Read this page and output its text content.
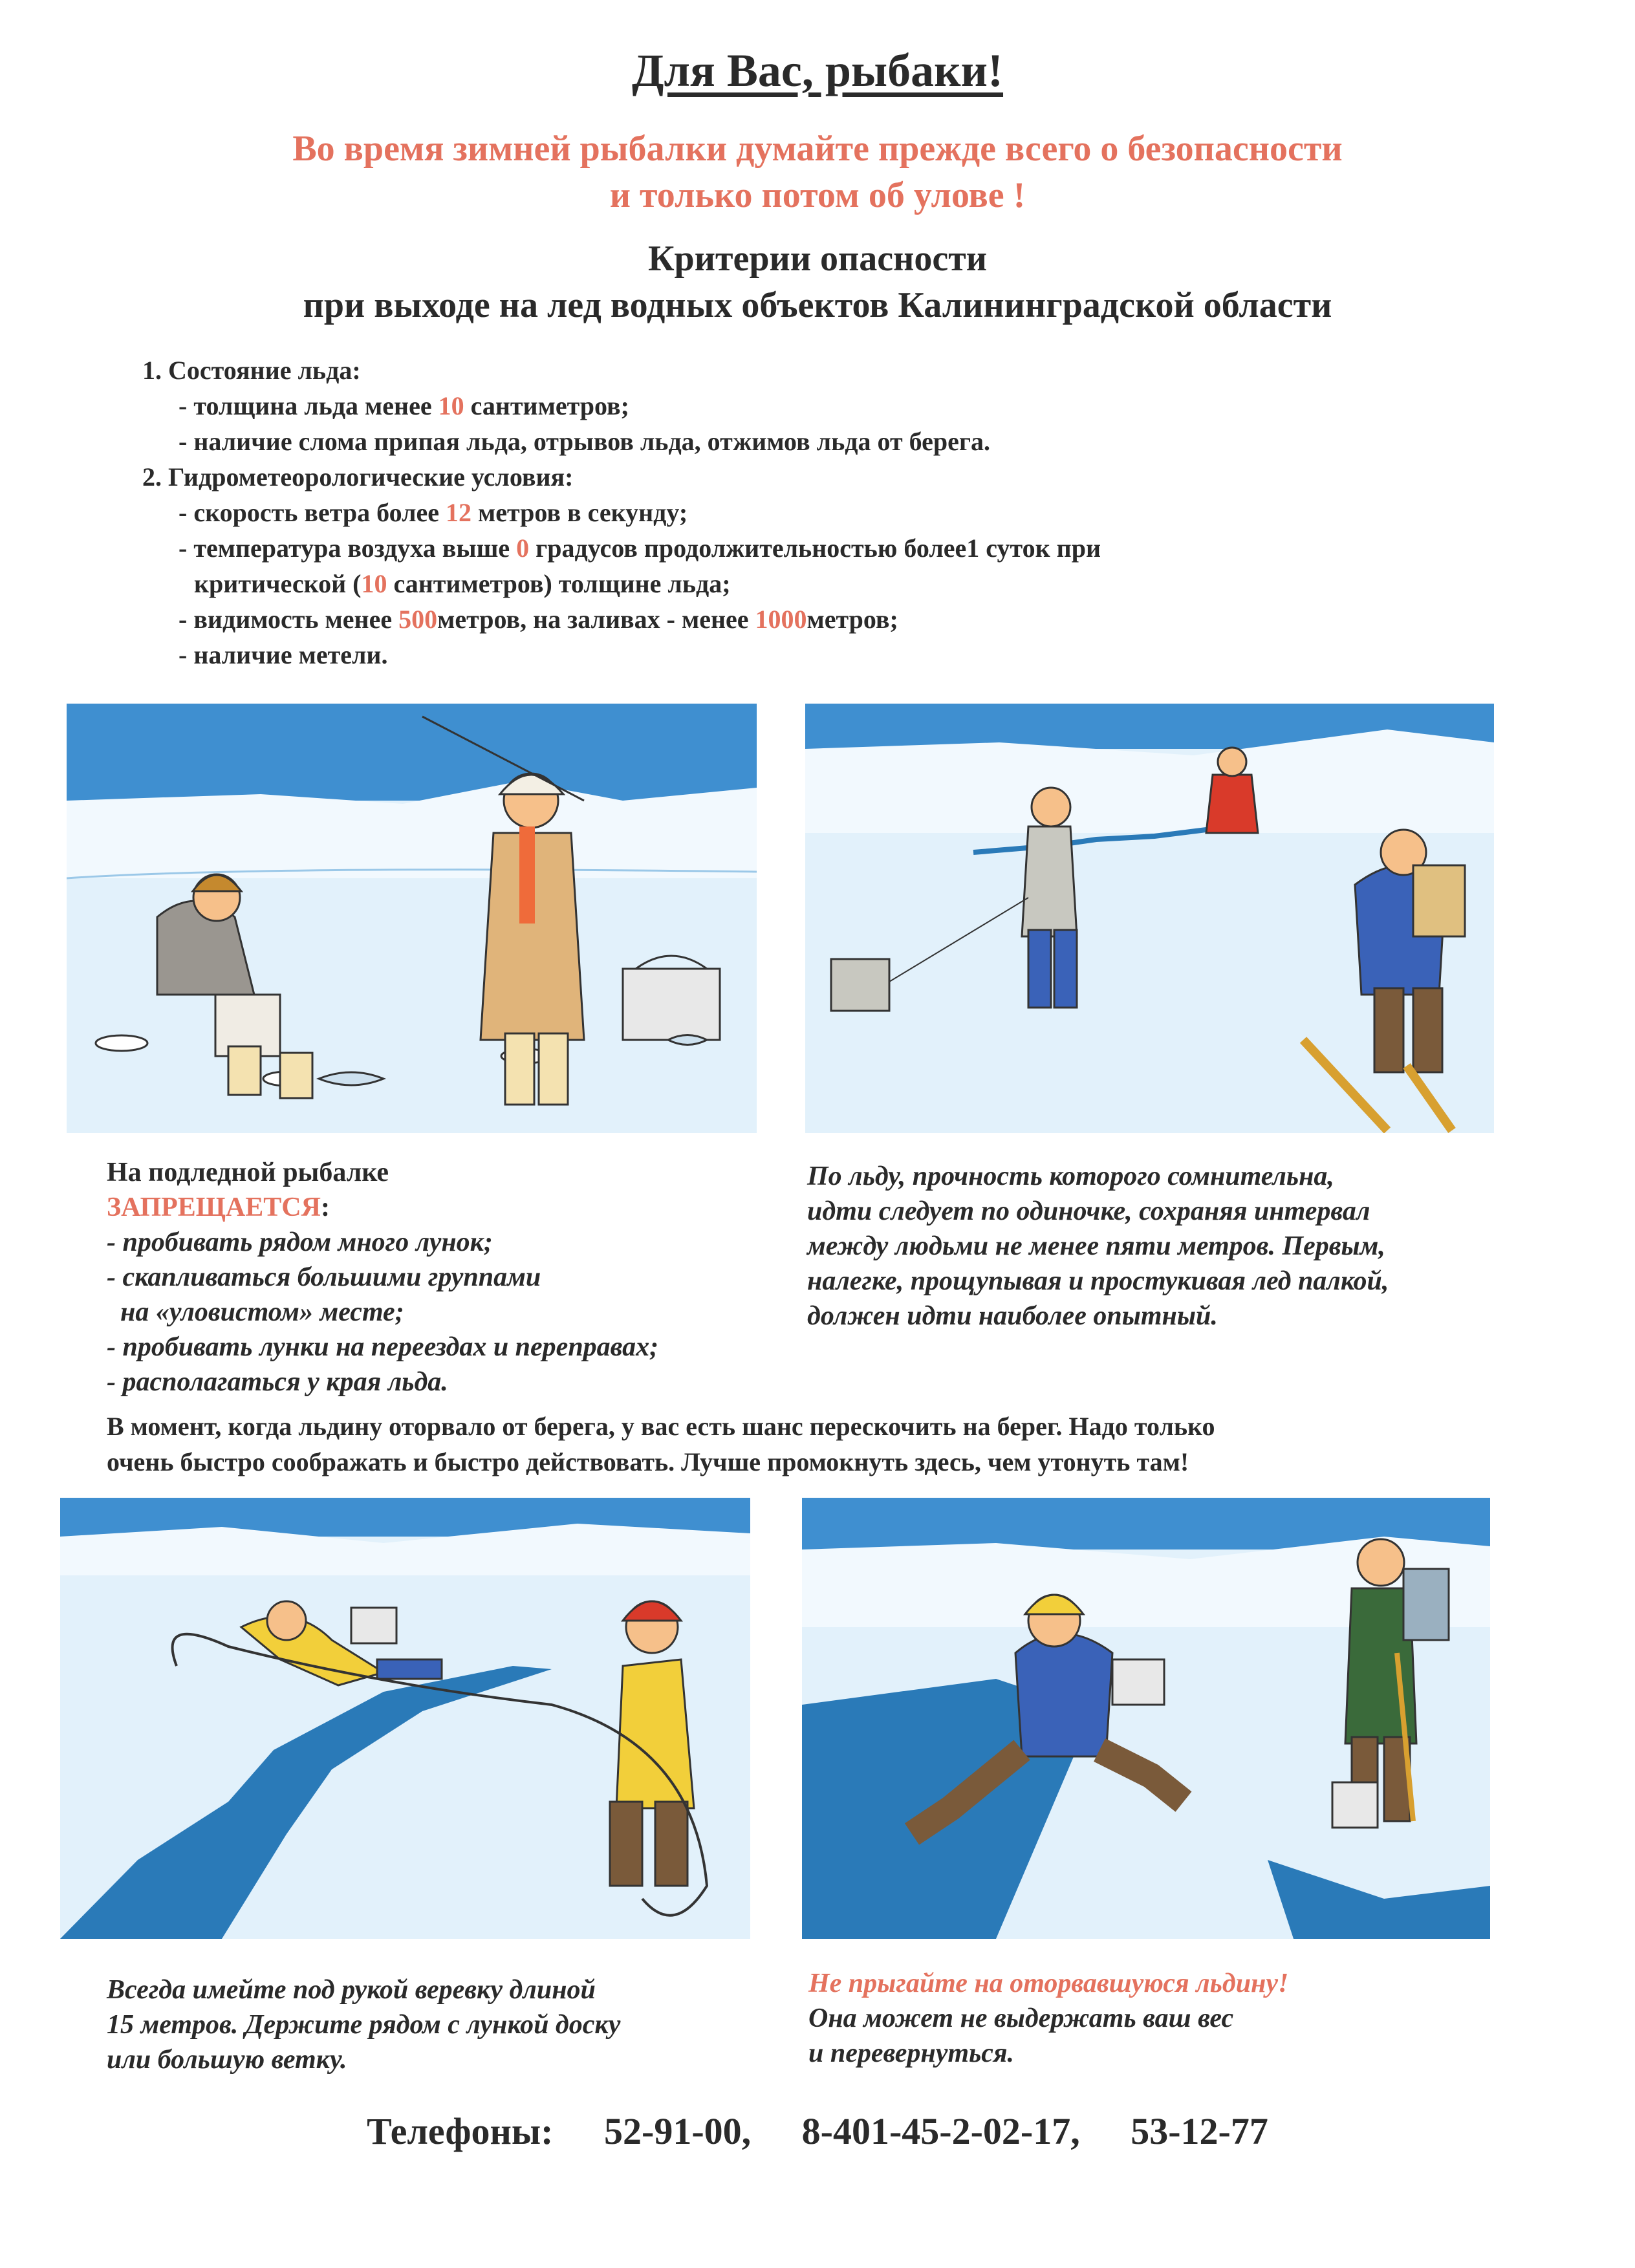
Для Вас, рыбаки!
Во время зимней рыбалки думайте прежде всего о безопасности
и только потом об улове !
Критерии опасности
при выходе на лед водных объектов Калининградской области
1. Состояние льда:
- толщина льда менее 10 сантиметров;
- наличие слома припая льда, отрывов льда, отжимов льда от берега.
2. Гидрометеорологические условия:
- скорость ветра более 12 метров в секунду;
- температура воздуха выше 0 градусов продолжительностью более1 суток при
критической (10 сантиметров) толщине льда;
- видимость менее 500метров, на заливах - менее 1000метров;
- наличие метели.
На подледной рыбалке
ЗАПРЕЩАЕТСЯ:
- пробивать рядом много лунок;
- скапливаться большими группами
на «уловистом» месте;
- пробивать лунки на переездах и переправах;
- располагаться у края льда.
По льду, прочность которого сомнительна,
идти следует по одиночке, сохраняя интервал
между людьми не менее пяти метров. Первым,
налегке, прощупывая и простукивая лед палкой,
должен идти наиболее опытный.
В момент, когда льдину оторвало от берега, у вас есть шанс перескочить на берег. Надо только
очень быстро соображать и быстро действовать. Лучше промокнуть здесь, чем утонуть там!
Всегда имейте под рукой веревку длиной
15 метров. Держите рядом с лункой доску
или большую ветку.
Не прыгайте на оторвавшуюся льдину!
Она может не выдержать ваш вес
и перевернуться.
Телефоны: 52-91-00, 8-401-45-2-02-17, 53-12-77
